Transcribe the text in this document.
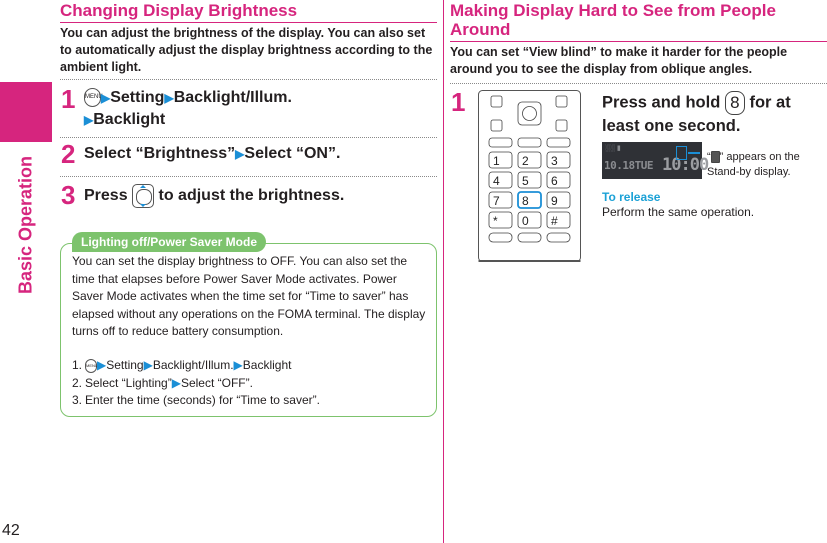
Basic Operation
42
Changing Display Brightness
You can adjust the brightness of the display. You can also set to automatically adjust the display brightness according to the ambient light.
1 MENU▶Setting▶Backlight/Illum.
▶Backlight
2 Select “Brightness”▶Select “ON”.
3 Press to adjust the brightness.
Lighting off/Power Saver Mode
You can set the display brightness to OFF. You can also set the time that elapses before Power Saver Mode activates. Power Saver Mode activates when the time set for “Time to saver” has elapsed without any operations on the FOMA terminal. The display turns off to reduce battery consumption.
1. MENU▶Setting▶Backlight/Illum.▶Backlight
2. Select “Lighting”▶Select “OFF”.
3. Enter the time (seconds) for “Time to saver”.
Making Display Hard to See from People Around
You can set “View blind” to make it harder for the people around you to see the display from oblique angles.
1
1 2 3
4 5 6
7 8 9
* 0 #
Press and hold 8 for at least one second.
░░ ▮
10.18TUE 10:00
“ ” appears on the Stand-by display.
To release
Perform the same operation.
